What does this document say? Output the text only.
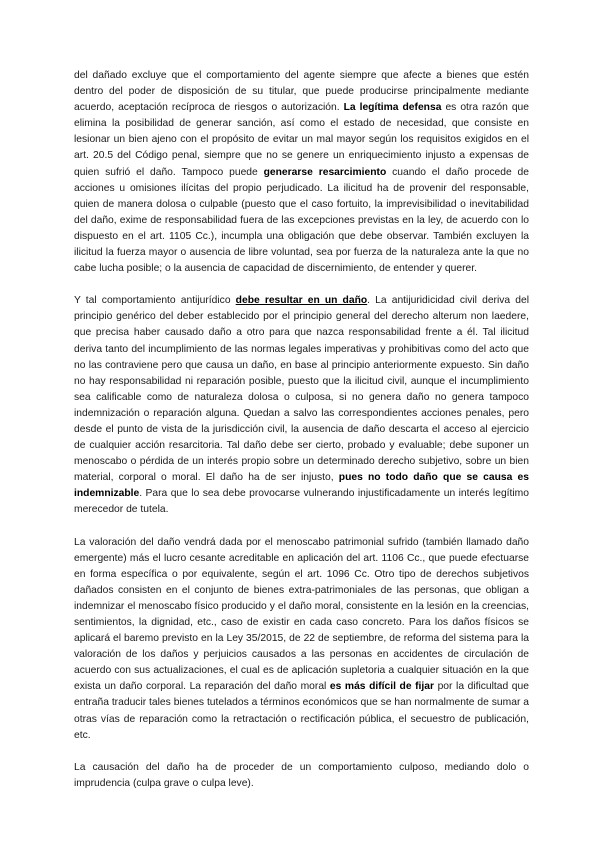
del dañado excluye que el comportamiento del agente siempre que afecte a bienes que estén dentro del poder de disposición de su titular, que puede producirse principalmente mediante acuerdo, aceptación recíproca de riesgos o autorización. La legítima defensa es otra razón que elimina la posibilidad de generar sanción, así como el estado de necesidad, que consiste en lesionar un bien ajeno con el propósito de evitar un mal mayor según los requisitos exigidos en el art. 20.5 del Código penal, siempre que no se genere un enriquecimiento injusto a expensas de quien sufrió el daño. Tampoco puede generarse resarcimiento cuando el daño procede de acciones u omisiones ilícitas del propio perjudicado. La ilicitud ha de provenir del responsable, quien de manera dolosa o culpable (puesto que el caso fortuito, la imprevisibilidad o inevitabilidad del daño, exime de responsabilidad fuera de las excepciones previstas en la ley, de acuerdo con lo dispuesto en el art. 1105 Cc.), incumpla una obligación que debe observar. También excluyen la ilicitud la fuerza mayor o ausencia de libre voluntad, sea por fuerza de la naturaleza ante la que no cabe lucha posible; o la ausencia de capacidad de discernimiento, de entender y querer.

Y tal comportamiento antijurídico debe resultar en un daño. La antijuridicidad civil deriva del principio genérico del deber establecido por el principio general del derecho alterum non laedere, que precisa haber causado daño a otro para que nazca responsabilidad frente a él. Tal ilicitud deriva tanto del incumplimiento de las normas legales imperativas y prohibitivas como del acto que no las contraviene pero que causa un daño, en base al principio anteriormente expuesto. Sin daño no hay responsabilidad ni reparación posible, puesto que la ilicitud civil, aunque el incumplimiento sea calificable como de naturaleza dolosa o culposa, si no genera daño no genera tampoco indemnización o reparación alguna. Quedan a salvo las correspondientes acciones penales, pero desde el punto de vista de la jurisdicción civil, la ausencia de daño descarta el acceso al ejercicio de cualquier acción resarcitoria. Tal daño debe ser cierto, probado y evaluable; debe suponer un menoscabo o pérdida de un interés propio sobre un determinado derecho subjetivo, sobre un bien material, corporal o moral. El daño ha de ser injusto, pues no todo daño que se causa es indemnizable. Para que lo sea debe provocarse vulnerando injustificadamente un interés legítimo merecedor de tutela.

La valoración del daño vendrá dada por el menoscabo patrimonial sufrido (también llamado daño emergente) más el lucro cesante acreditable en aplicación del art. 1106 Cc., que puede efectuarse en forma específica o por equivalente, según el art. 1096 Cc. Otro tipo de derechos subjetivos dañados consisten en el conjunto de bienes extra-patrimoniales de las personas, que obligan a indemnizar el menoscabo físico producido y el daño moral, consistente en la lesión en la creencias, sentimientos, la dignidad, etc., caso de existir en cada caso concreto. Para los daños físicos se aplicará el baremo previsto en la Ley 35/2015, de 22 de septiembre, de reforma del sistema para la valoración de los daños y perjuicios causados a las personas en accidentes de circulación de acuerdo con sus actualizaciones, el cual es de aplicación supletoria a cualquier situación en la que exista un daño corporal. La reparación del daño moral es más difícil de fijar por la dificultad que entraña traducir tales bienes tutelados a términos económicos que se han normalmente de sumar a otras vías de reparación como la retractación o rectificación pública, el secuestro de publicación, etc.

La causación del daño ha de proceder de un comportamiento culposo, mediando dolo o imprudencia (culpa grave o culpa leve).
